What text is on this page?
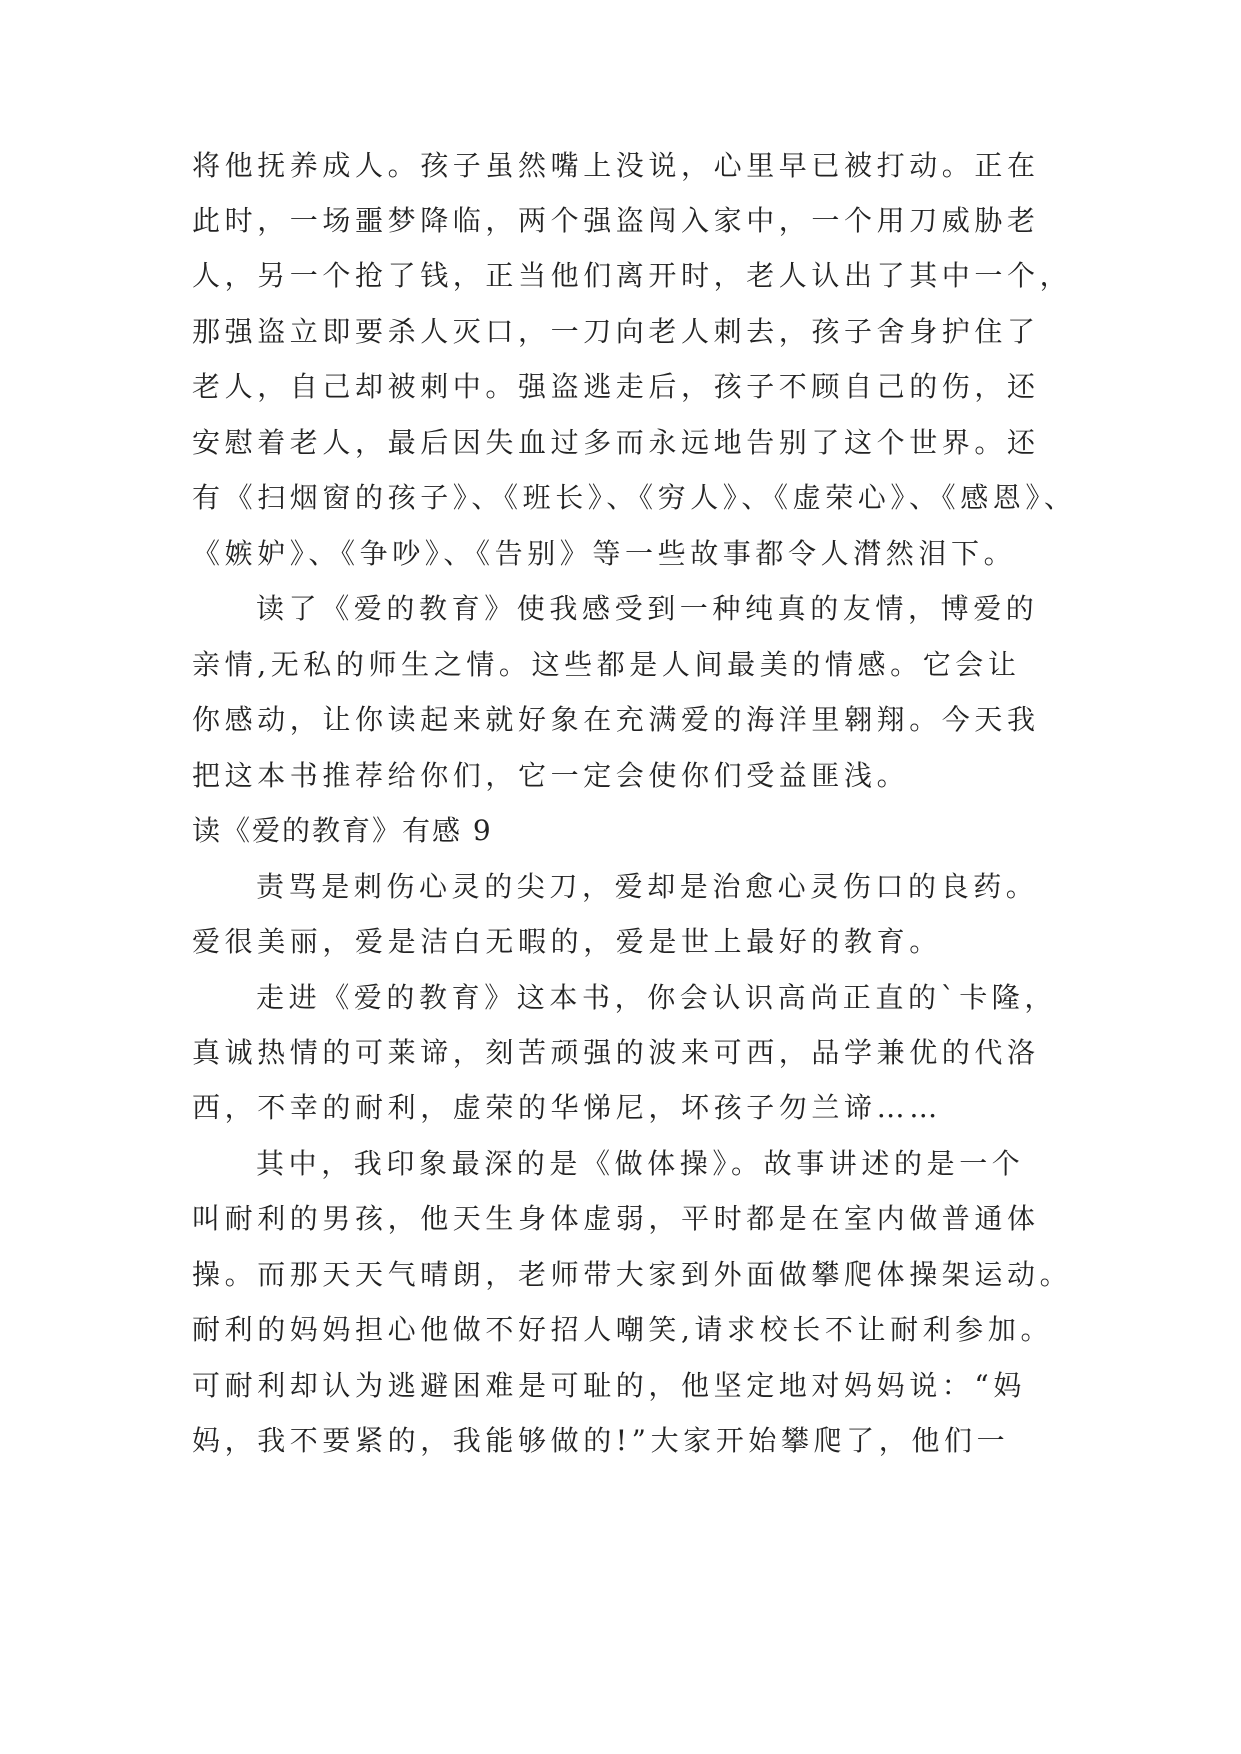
将他抚养成人。孩子虽然嘴上没说，心里早已被打动。正在
此时，一场噩梦降临，两个强盗闯入家中，一个用刀威胁老
人，另一个抢了钱，正当他们离开时，老人认出了其中一个，
那强盗立即要杀人灭口，一刀向老人刺去，孩子舍身护住了
老人，自己却被刺中。强盗逃走后，孩子不顾自己的伤，还
安慰着老人，最后因失血过多而永远地告别了这个世界。还
有《扫烟窗的孩子》、《班长》、《穷人》、《虚荣心》、《感恩》、
《嫉妒》、《争吵》、《告别》等一些故事都令人潸然泪下。
读了《爱的教育》使我感受到一种纯真的友情，博爱的
亲情,无私的师生之情。这些都是人间最美的情感。它会让
你感动，让你读起来就好象在充满爱的海洋里翱翔。今天我
把这本书推荐给你们，它一定会使你们受益匪浅。
读《爱的教育》有感 9
责骂是刺伤心灵的尖刀，爱却是治愈心灵伤口的良药。
爱很美丽，爱是洁白无暇的，爱是世上最好的教育。
走进《爱的教育》这本书，你会认识高尚正直的`卡隆，
真诚热情的可莱谛，刻苦顽强的波来可西，品学兼优的代洛
西，不幸的耐利，虚荣的华悌尼，坏孩子勿兰谛……
其中，我印象最深的是《做体操》。故事讲述的是一个
叫耐利的男孩，他天生身体虚弱，平时都是在室内做普通体
操。而那天天气晴朗，老师带大家到外面做攀爬体操架运动。
耐利的妈妈担心他做不好招人嘲笑,请求校长不让耐利参加。
可耐利却认为逃避困难是可耻的，他坚定地对妈妈说：“妈
妈，我不要紧的，我能够做的!”大家开始攀爬了，他们一
